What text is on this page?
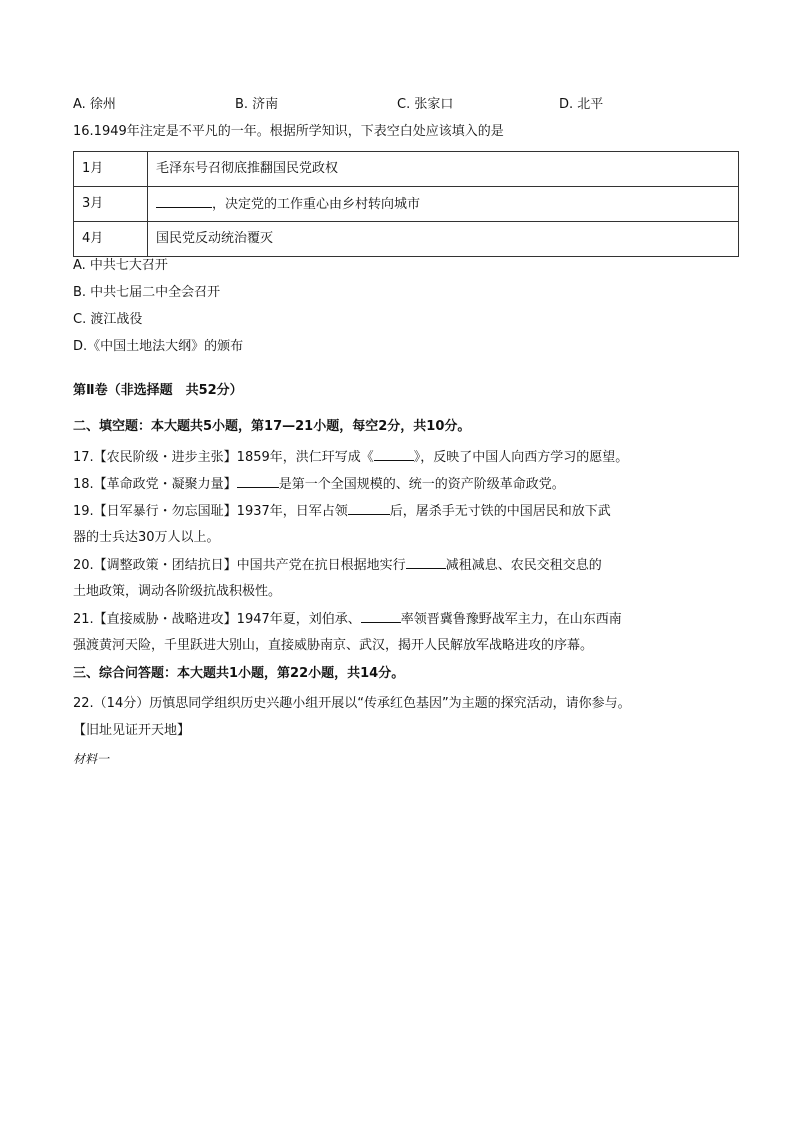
A. 徐州	B. 济南	C. 张家口	D. 北平
16.1949年注定是不平凡的一年。根据所学知识，下表空白处应该填入的是
1月	毛泽东号召彻底推翻国民党政权
3月	，决定党的工作重心由乡村转向城市
4月	国民党反动统治覆灭
A. 中共七大召开
B. 中共七届二中全会召开
C. 渡江战役
D.《中国土地法大纲》的颁布
第Ⅱ卷（非选择题　共52分）
二、填空题：本大题共5小题，第17—21小题，每空2分，共10分。
17.【农民阶级・进步主张】1859年，洪仁玕写成《	》，反映了中国人向西方学习的愿望。
18.【革命政党・凝聚力量】	是第一个全国规模的、统一的资产阶级革命政党。
19.【日军暴行・勿忘国耻】1937年，日军占领	后，屠杀手无寸铁的中国居民和放下武
器的士兵达30万人以上。
20.【调整政策・团结抗日】中国共产党在抗日根据地实行	减租减息、农民交租交息的
土地政策，调动各阶级抗战积极性。
21.【直接威胁・战略进攻】1947年夏，刘伯承、	率领晋冀鲁豫野战军主力，在山东西南
强渡黄河天险，千里跃进大别山，直接威胁南京、武汉，揭开人民解放军战略进攻的序幕。
三、综合问答题：本大题共1小题，第22小题，共14分。
22.（14分）历慎思同学组织历史兴趣小组开展以“传承红色基因”为主题的探究活动，请你参与。
【旧址见证开天地】
材料一
